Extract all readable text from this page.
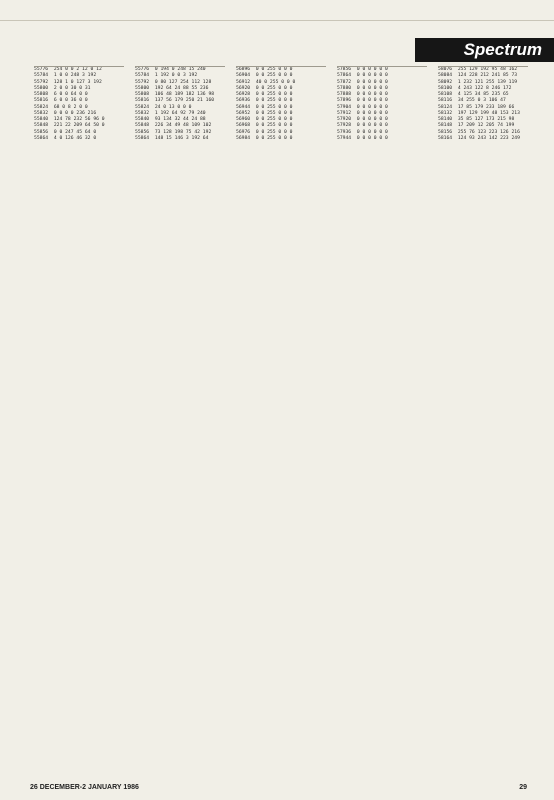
Spectrum
55776 254 0 0 2 12 0 12
55784 1 0 0 248 3 192
55792 128 1 0 127 3 192
55800 2 0 0 30 0 31
55808 6 0 0 64 0 0
55816 6 0 0 36 0 0
55824 68 0 8 2 0 0
55832 0 0 0 0 236 216
55840 124 78 232 56 96 0
55848 221 22 209 64 50 0
55856 0 0 247 45 64 0
55864 4 0 126 46 32 0
55776 0 194 0 248 15 240
55784 1 192 0 0 3 192
55792 0 80 127 254 112 128
55800 192 64 24 88 55 236
55808 106 48 189 182 136 98
55816 137 56 179 250 21 160
55824 24 0 13 0 0 0
55832 1 192 64 92 79 240
55840 93 134 32 44 24 88
55848 226 34 49 48 109 102
55856 73 128 198 75 42 192
55864 148 15 146 3 192 64
56896 0 0 255 0 0 0
56904 0 0 255 0 0 0
56912 40 0 255 0 0 0
56920 0 0 255 0 0 0
56928 0 0 255 0 0 0
56936 0 0 255 0 0 0
56944 0 0 255 0 0 0
56952 0 0 255 0 0 0
56960 0 0 255 0 0 0
56968 0 0 255 0 0 0
56976 0 0 255 0 0 0
56984 0 0 255 0 0 0
57856 0 0 0 0 0 0
57864 0 0 0 0 0 0
57872 0 0 0 0 0 0
57880 0 0 0 0 0 0
57888 0 0 0 0 0 0
57896 0 0 0 0 0 0
57904 0 0 0 0 0 0
57912 0 0 0 0 0 0
57920 0 0 0 0 0 0
57928 0 0 0 0 0 0
57936 0 0 0 0 0 0
57944 0 0 0 0 0 0
58076 255 129 192 95 48 162
58084 124 228 212 241 85 73
58092 1 232 121 255 139 119
58100 4 243 122 8 246 172
58108 4 125 34 85 235 65
58116 34 255 0 3 106 47
58124 17 85 179 233 189 66
58132 197 129 199 48 153 213
58140 35 85 127 173 215 98
58148 17 209 12 205 74 199
58156 255 76 123 223 126 216
58164 124 93 243 142 223 249
26 DECEMBER-2 JANUARY 1986	29
